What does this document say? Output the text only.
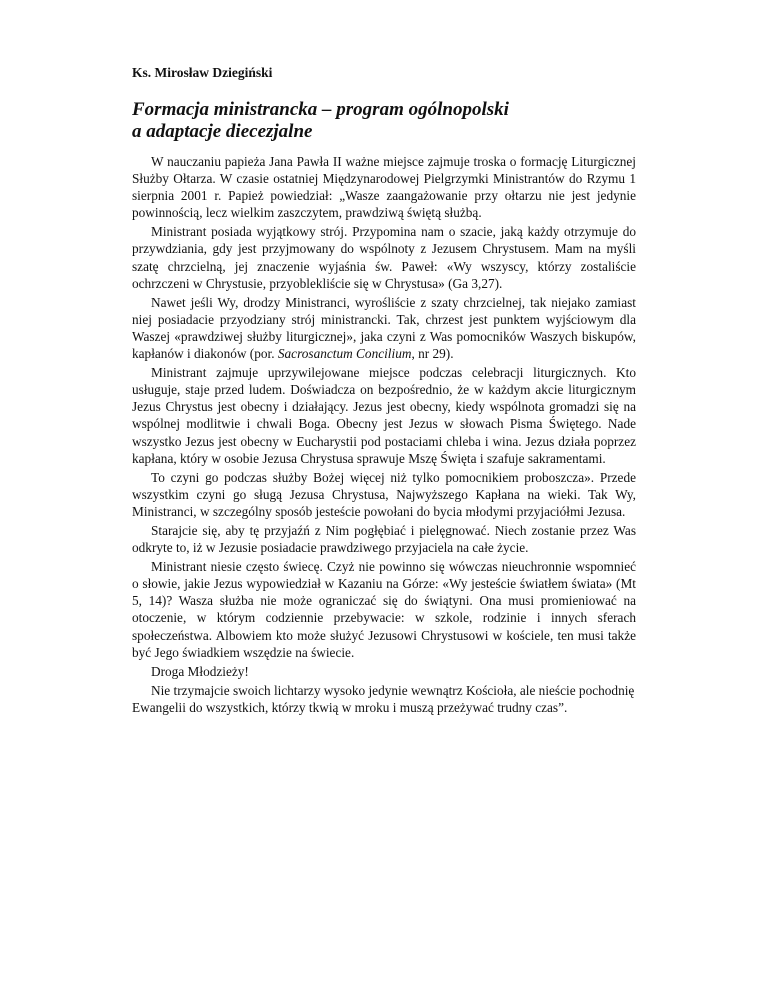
Ks. Mirosław Dziegiński
Formacja ministrancka – program ogólnopolski
a adaptacje diecezjalne

W nauczaniu papieża Jana Pawła II ważne miejsce zajmuje troska o formację Liturgicznej Służby Ołtarza. W czasie ostatniej Międzynarodowej Pielgrzymki Ministrantów do Rzymu 1 sierpnia 2001 r. Papież powiedział: „Wasze zaangażowanie przy ołtarzu nie jest jedynie powinnością, lecz wielkim zaszczytem, prawdziwą świętą służbą.

Ministrant posiada wyjątkowy strój. Przypomina nam o szacie, jaką każdy otrzymuje do przywdziania, gdy jest przyjmowany do wspólnoty z Jezusem Chrystusem. Mam na myśli szatę chrzcielną, jej znaczenie wyjaśnia św. Paweł: «Wy wszyscy, którzy zostaliście ochrzczeni w Chrystusie, przyoblekliście się w Chrystusa» (Ga 3,27).

Nawet jeśli Wy, drodzy Ministranci, wyrośliście z szaty chrzcielnej, tak niejako zamiast niej posiadacie przyodziany strój ministrancki. Tak, chrzest jest punktem wyjściowym dla Waszej «prawdziwej służby liturgicznej», jaka czyni z Was pomocników Waszych biskupów, kapłanów i diakonów (por. Sacrosanctum Concilium, nr 29).

Ministrant zajmuje uprzywilejowane miejsce podczas celebracji liturgicznych. Kto usługuje, staje przed ludem. Doświadcza on bezpośrednio, że w każdym akcie liturgicznym Jezus Chrystus jest obecny i działający. Jezus jest obecny, kiedy wspólnota gromadzi się na wspólnej modlitwie i chwali Boga. Obecny jest Jezus w słowach Pisma Świętego. Nade wszystko Jezus jest obecny w Eucharystii pod postaciami chleba i wina. Jezus działa poprzez kapłana, który w osobie Jezusa Chrystusa sprawuje Mszę Święta i szafuje sakramentami.

To czyni go podczas służby Bożej więcej niż tylko pomocnikiem proboszcza». Przede wszystkim czyni go sługą Jezusa Chrystusa, Najwyższego Kapłana na wieki. Tak Wy, Ministranci, w szczególny sposób jesteście powołani do bycia młodymi przyjaciółmi Jezusa.

Starajcie się, aby tę przyjaźń z Nim pogłębiać i pielęgnować. Niech zostanie przez Was odkryte to, iż w Jezusie posiadacie prawdziwego przyjaciela na całe życie.

Ministrant niesie często świecę. Czyż nie powinno się wówczas nieuchronnie wspomnieć o słowie, jakie Jezus wypowiedział w Kazaniu na Górze: «Wy jesteście światłem świata» (Mt 5, 14)? Wasza służba nie może ograniczać się do świątyni. Ona musi promieniować na otoczenie, w którym codziennie przebywacie: w szkole, rodzinie i innych sferach społeczeństwa. Albowiem kto może służyć Jezusowi Chrystusowi w kościele, ten musi także być Jego świadkiem wszędzie na świecie.

Droga Młodzieży!

Nie trzymajcie swoich lichtarzy wysoko jedynie wewnątrz Kościoła, ale nieście pochodnię Ewangelii do wszystkich, którzy tkwią w mroku i muszą przeżywać trudny czas”.
